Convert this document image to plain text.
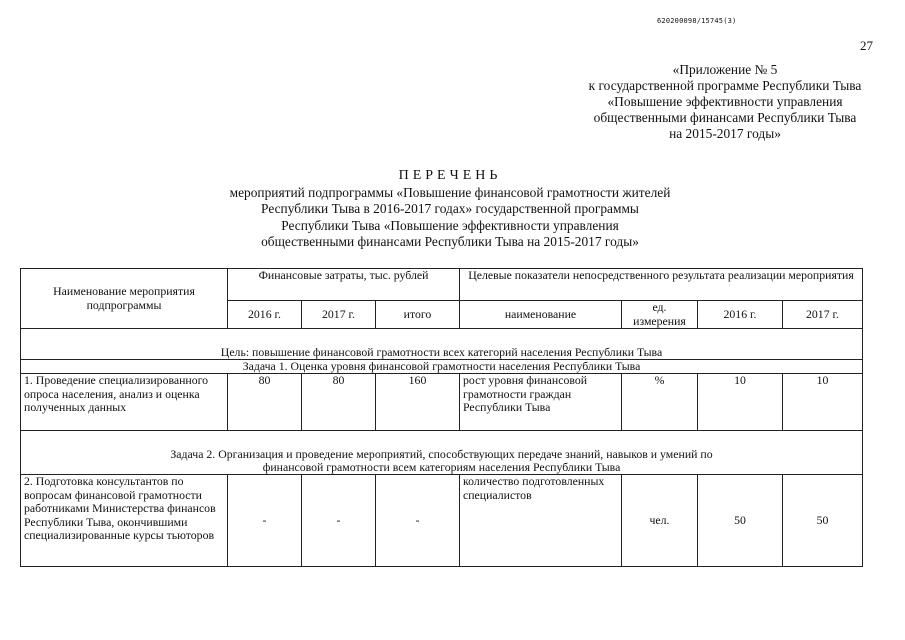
620200098/15745(3)
27
«Приложение № 5
к государственной программе Республики Тыва
«Повышение эффективности управления
общественными финансами Республики Тыва
на 2015-2017 годы»
ПЕРЕЧЕНЬ
мероприятий подпрограммы «Повышение финансовой грамотности жителей
Республики Тыва в 2016-2017 годах» государственной программы
Республики Тыва «Повышение эффективности управления
общественными финансами Республики Тыва на 2015-2017 годы»
Наименование мероприятия подпрограммы	Финансовые затраты, тыс. рублей			Целевые показатели непосредственного результата реализации мероприятия			
	2016 г.	2017 г.	итого	наименование	ед. измерения	2016 г.	2017 г.
Цель: повышение финансовой грамотности всех категорий населения Республики Тыва							
Задача 1. Оценка уровня финансовой грамотности населения Республики Тыва							
1. Проведение специализированного опроса населения, анализ и оценка полученных данных	80	80	160	рост уровня финансовой грамотности граждан Республики Тыва	%	10	10
Задача 2. Организация и проведение мероприятий, способствующих передаче знаний, навыков и умений по финансовой грамотности всем категориям населения Республики Тыва							
2. Подготовка консультантов по вопросам финансовой грамотности работниками Министерства финансов Республики Тыва, окончившими специализированные курсы тьюторов	-	-	-	количество подготовленных специалистов	чел.	50	50
